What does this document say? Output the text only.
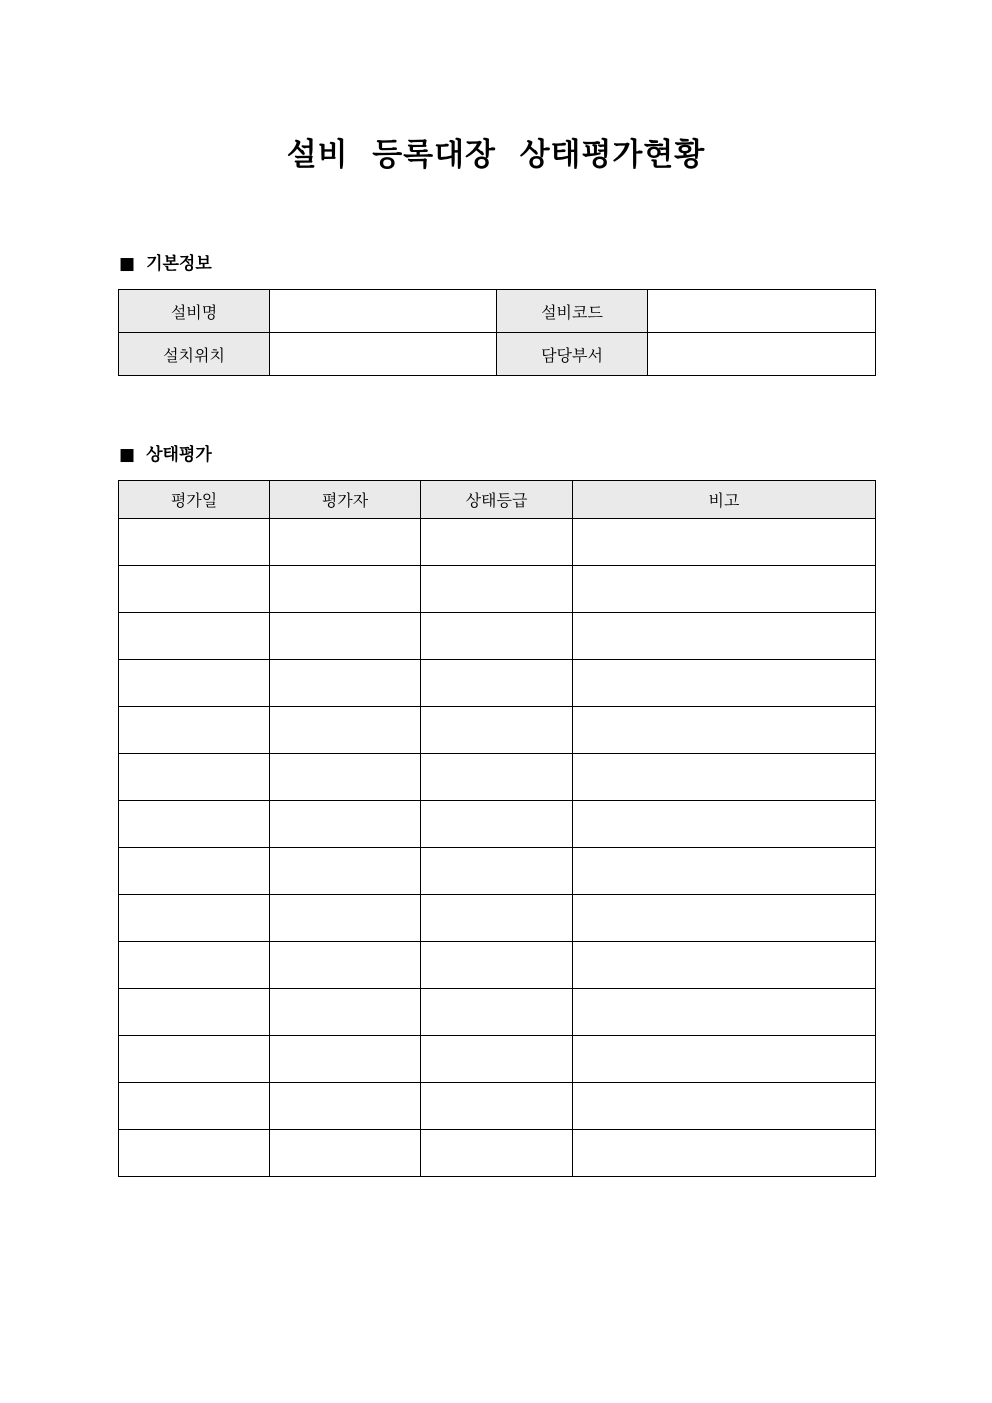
설비  등록대장  상태평가현황
■ 기본정보
설비명		설비코드	
설치위치		담당부서	
■ 상태평가
평가일	평가자	상태등급	비고
